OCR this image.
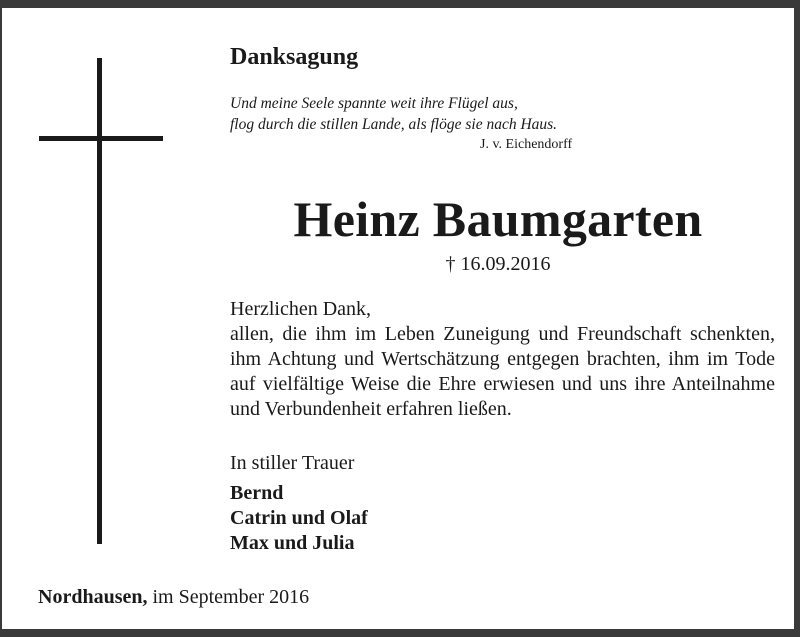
Danksagung
Und meine Seele spannte weit ihre Flügel aus,
flog durch die stillen Lande, als flöge sie nach Haus.
J. v. Eichendorff
Heinz Baumgarten
† 16.09.2016
Herzlichen Dank,
allen, die ihm im Leben Zuneigung und Freundschaft schenkten, ihm Achtung und Wertschätzung entgegen brachten, ihm im Tode auf vielfältige Weise die Ehre erwiesen und uns ihre Anteilnahme und Verbundenheit erfahren ließen.
In stiller Trauer
Bernd
Catrin und Olaf
Max und Julia
Nordhausen, im September 2016
